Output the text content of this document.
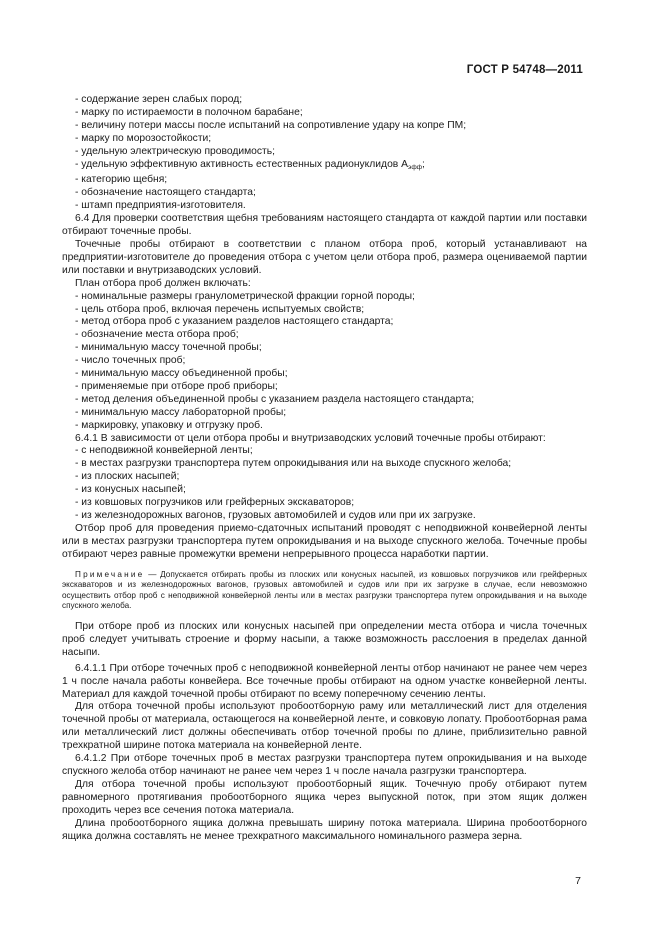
ГОСТ Р 54748—2011

- содержание зерен слабых пород;

- марку по истираемости в полочном барабане;

- величину потери массы после испытаний на сопротивление удару на копре ПМ;

- марку по морозостойкости;

- удельную электрическую проводимость;

- удельную эффективную активность естественных радионуклидов $А_{эфф}$;

- категорию щебня;

- обозначение настоящего стандарта;

- штамп предприятия-изготовителя.

6.4 Для проверки соответствия щебня требованиям настоящего стандарта от каждой партии или поставки отбирают точечные пробы.

Точечные пробы отбирают в соответствии с планом отбора проб, который устанавливают на предприятии-изготовителе до проведения отбора с учетом цели отбора проб, размера оцениваемой партии или поставки и внутризаводских условий.

План отбора проб должен включать:

- номинальные размеры гранулометрической фракции горной породы;

- цель отбора проб, включая перечень испытуемых свойств;

- метод отбора проб с указанием разделов настоящего стандарта;

- обозначение места отбора проб;

- минимальную массу точечной пробы;

- число точечных проб;

- минимальную массу объединенной пробы;

- применяемые при отборе проб приборы;

- метод деления объединенной пробы с указанием раздела настоящего стандарта;

- минимальную массу лабораторной пробы;

- маркировку, упаковку и отгрузку проб.

6.4.1 В зависимости от цели отбора пробы и внутризаводских условий точечные пробы отбирают:

- с неподвижной конвейерной ленты;

- в местах разгрузки транспортера путем опрокидывания или на выходе спускного желоба;

- из плоских насыпей;

- из конусных насыпей;

- из ковшовых погрузчиков или грейферных экскаваторов;

- из железнодорожных вагонов, грузовых автомобилей и судов или при их загрузке.

Отбор проб для проведения приемо-сдаточных испытаний проводят с неподвижной конвейерной ленты или в местах разгрузки транспортера путем опрокидывания и на выходе спускного желоба. Точечные пробы отбирают через равные промежутки времени непрерывного процесса наработки партии.

Примечание — Допускается отбирать пробы из плоских или конусных насыпей, из ковшовых погрузчиков или грейферных экскаваторов и из железнодорожных вагонов, грузовых автомобилей и судов или при их загрузке в случае, если невозможно осуществить отбор проб с неподвижной конвейерной ленты или в местах разгрузки транспортера путем опрокидывания и на выходе спускного желоба.

При отборе проб из плоских или конусных насыпей при определении места отбора и числа точечных проб следует учитывать строение и форму насыпи, а также возможность расслоения в пределах данной насыпи.

6.4.1.1 При отборе точечных проб с неподвижной конвейерной ленты отбор начинают не ранее чем через 1 ч после начала работы конвейера. Все точечные пробы отбирают на одном участке конвейерной ленты. Материал для каждой точечной пробы отбирают по всему поперечному сечению ленты.

Для отбора точечной пробы используют пробоотборную раму или металлический лист для отделения точечной пробы от материала, остающегося на конвейерной ленте, и совковую лопату. Пробоотборная рама или металлический лист должны обеспечивать отбор точечной пробы по длине, приблизительно равной трехкратной ширине потока материала на конвейерной ленте.

6.4.1.2 При отборе точечных проб в местах разгрузки транспортера путем опрокидывания и на выходе спускного желоба отбор начинают не ранее чем через 1 ч после начала разгрузки транспортера.

Для отбора точечной пробы используют пробоотборный ящик. Точечную пробу отбирают путем равномерного протягивания пробоотборного ящика через выпускной поток, при этом ящик должен проходить через все сечения потока материала.

Длина пробоотборного ящика должна превышать ширину потока материала. Ширина пробоотборного ящика должна составлять не менее трехкратного максимального номинального размера зерна.

7
